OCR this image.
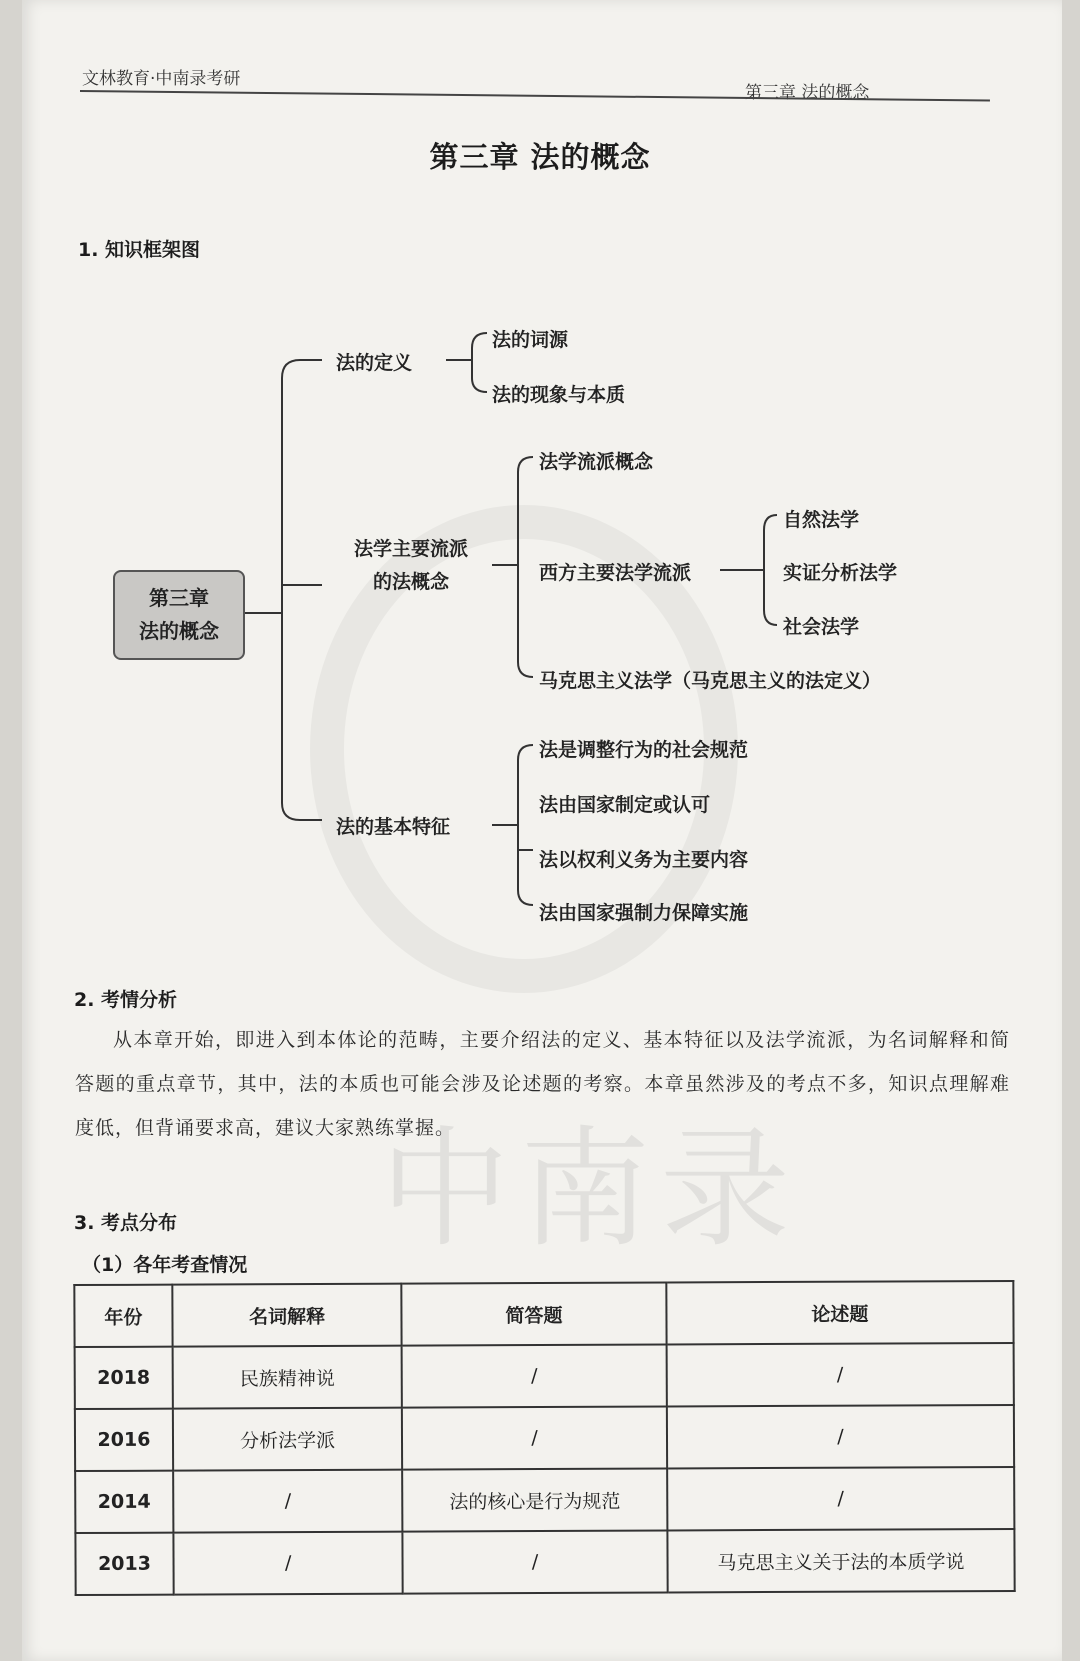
中南录
文林教育·中南录考研
第三章 法的概念
第三章 法的概念
1. 知识框架图
第三章
法的概念
法的定义
法的词源
法的现象与本质
法学主要流派
的法概念
法学流派概念
西方主要法学流派
马克思主义法学（马克思主义的法定义）
自然法学
实证分析法学
社会法学
法的基本特征
法是调整行为的社会规范
法由国家制定或认可
法以权利义务为主要内容
法由国家强制力保障实施
2. 考情分析
从本章开始，即进入到本体论的范畴，主要介绍法的定义、基本特征以及法学流派，为名词解释和简答题的重点章节，其中，法的本质也可能会涉及论述题的考察。本章虽然涉及的考点不多，知识点理解难度低，但背诵要求高，建议大家熟练掌握。
3. 考点分布
（1）各年考查情况
年份	名词解释	简答题	论述题
2018	民族精神说	/	/
2016	分析法学派	/	/
2014	/	法的核心是行为规范	/
2013	/	/	马克思主义关于法的本质学说
